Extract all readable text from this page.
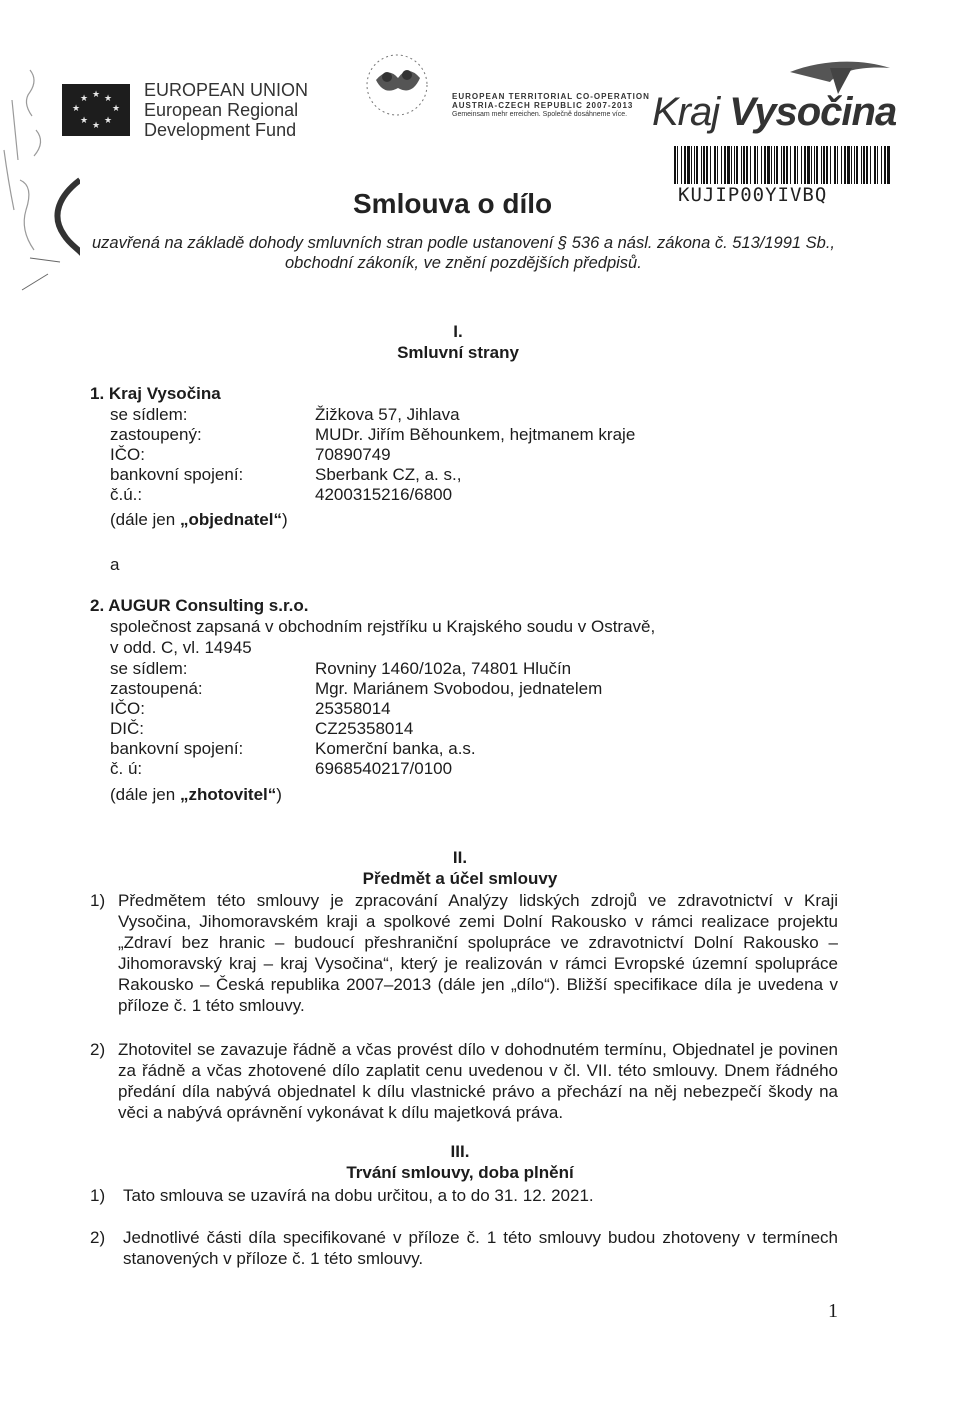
★ ★
★
★
★
★
★
★	EUROPEAN UNION
European Regional
Development Fund
EUROPEAN TERRITORIAL CO-OPERATION
AUSTRIA-CZECH REPUBLIC 2007-2013
Gemeinsam mehr erreichen. Společně dosáhneme více. Kraj Vysočina
KUJIP00YIVBQ
Smlouva o dílo
uzavřená na základě dohody smluvních stran podle ustanovení § 536 a násl. zákona č. 513/1991 Sb.,
obchodní zákoník, ve znění pozdějších předpisů.
I.
Smluvní strany
1. Kraj Vysočina
se sídlem:	Žižkova 57, Jihlava
zastoupený:	MUDr. Jiřím Běhounkem, hejtmanem kraje
IČO:	70890749
bankovní spojení:	Sberbank CZ, a. s.,
č.ú.:	4200315216/6800
(dále jen „objednatel“)
a
2. AUGUR Consulting s.r.o.
společnost zapsaná v obchodním rejstříku u Krajského soudu v Ostravě,
v odd. C, vl. 14945
se sídlem:	Rovniny 1460/102a, 74801 Hlučín
zastoupená:	Mgr. Mariánem Svobodou, jednatelem
IČO:	25358014
DIČ:	CZ25358014
bankovní spojení:	Komerční banka, a.s.
č. ú:	6968540217/0100
(dále jen „zhotovitel“)
II.
Předmět a účel smlouvy
1) Předmětem této smlouvy je zpracování Analýzy lidských zdrojů ve zdravotnictví v Kraji Vysočina, Jihomoravském kraji a spolkové zemi Dolní Rakousko v rámci realizace projektu „Zdraví bez hranic – budoucí přeshraniční spolupráce ve zdravotnictví Dolní Rakousko – Jihomoravský kraj – kraj Vysočina“, který je realizován v rámci Evropské územní spolupráce Rakousko – Česká republika 2007–2013 (dále jen „dílo“). Bližší specifikace díla je uvedena v příloze č. 1 této smlouvy.
2) Zhotovitel se zavazuje řádně a včas provést dílo v dohodnutém termínu, Objednatel je povinen za řádně a včas zhotovené dílo zaplatit cenu uvedenou v čl. VII. této smlouvy. Dnem řádného předání díla nabývá objednatel k dílu vlastnické právo a přechází na něj nebezpečí škody na věci a nabývá oprávnění vykonávat k dílu majetková práva.
III.
Trvání smlouvy, doba plnění
1) Tato smlouva se uzavírá na dobu určitou, a to do 31. 12. 2021.
2) Jednotlivé části díla specifikované v příloze č. 1 této smlouvy budou zhotoveny v termínech stanovených v příloze č. 1 této smlouvy.
1
